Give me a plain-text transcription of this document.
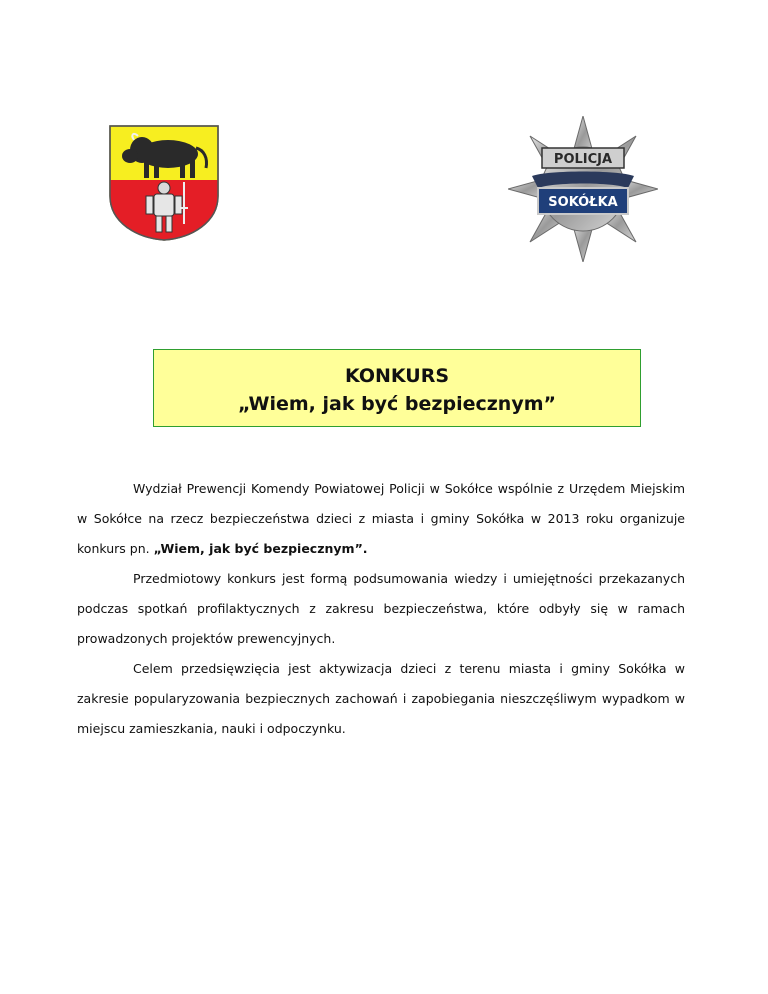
POLICJA
SOKÓŁKA
KONKURS
„Wiem, jak być bezpiecznym”

Wydział Prewencji Komendy Powiatowej Policji w Sokółce wspólnie z Urzędem Miejskim w Sokółce na rzecz bezpieczeństwa dzieci z miasta i gminy Sokółka w 2013 roku organizuje konkurs pn. „Wiem, jak być bezpiecznym”.

Przedmiotowy konkurs jest formą podsumowania wiedzy i umiejętności przekazanych podczas spotkań profilaktycznych z zakresu bezpieczeństwa, które odbyły się w ramach prowadzonych projektów prewencyjnych.

Celem przedsięwzięcia jest aktywizacja dzieci z terenu miasta i gminy Sokółka w zakresie popularyzowania bezpiecznych zachowań i zapobiegania nieszczęśliwym wypadkom w miejscu zamieszkania, nauki i odpoczynku.
